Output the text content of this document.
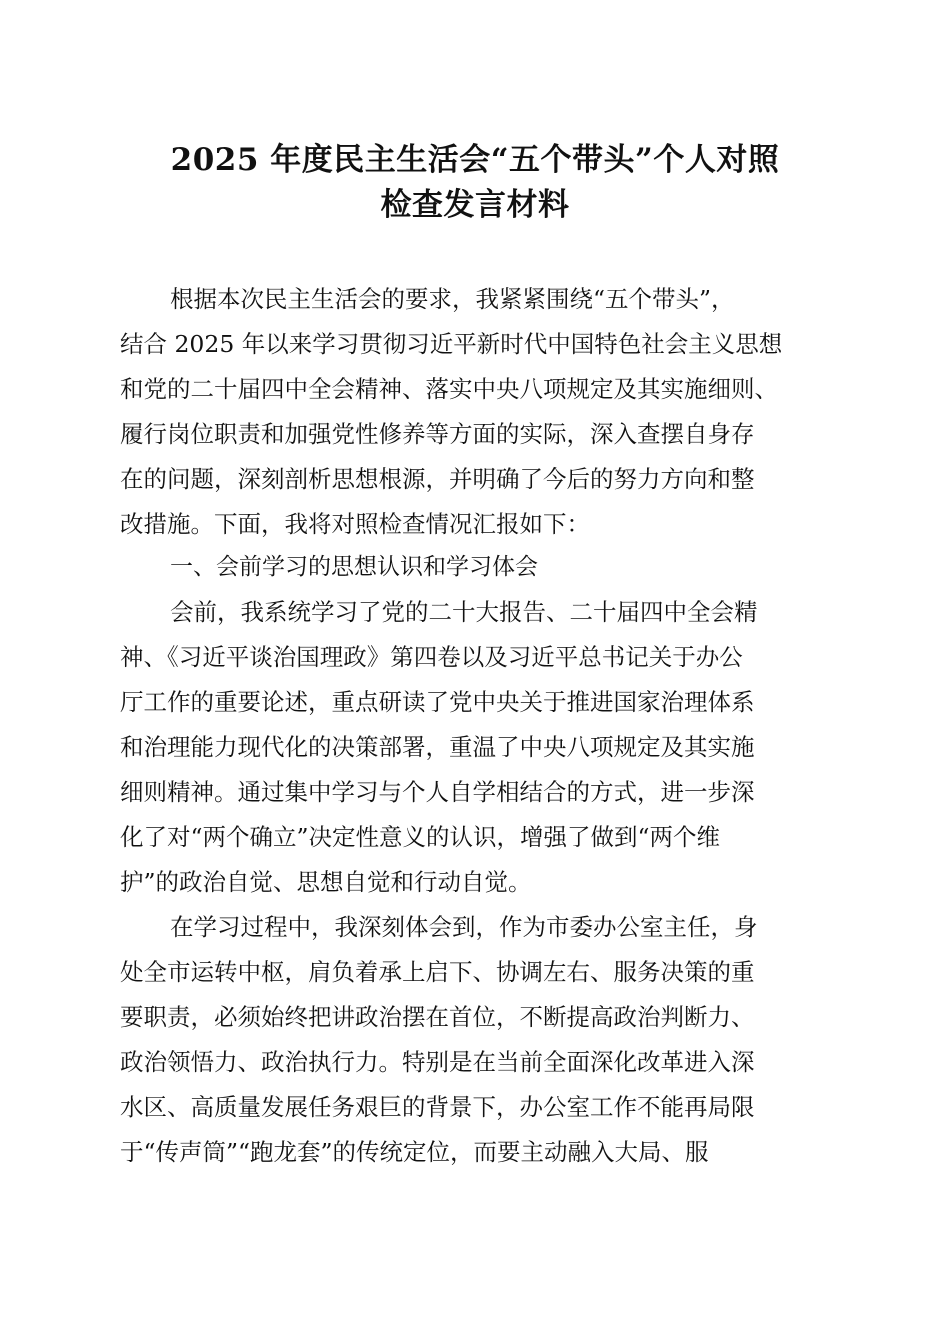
2025 年度民主生活会“五个带头”个人对照
检查发言材料
根据本次民主生活会的要求，我紧紧围绕“五个带头”，
结合 2025 年以来学习贯彻习近平新时代中国特色社会主义思想
和党的二十届四中全会精神、落实中央八项规定及其实施细则、
履行岗位职责和加强党性修养等方面的实际，深入查摆自身存
在的问题，深刻剖析思想根源，并明确了今后的努力方向和整
改措施。下面，我将对照检查情况汇报如下：
一、会前学习的思想认识和学习体会
会前，我系统学习了党的二十大报告、二十届四中全会精
神、《习近平谈治国理政》第四卷以及习近平总书记关于办公
厅工作的重要论述，重点研读了党中央关于推进国家治理体系
和治理能力现代化的决策部署，重温了中央八项规定及其实施
细则精神。通过集中学习与个人自学相结合的方式，进一步深
化了对“两个确立”决定性意义的认识，增强了做到“两个维
护”的政治自觉、思想自觉和行动自觉。
在学习过程中，我深刻体会到，作为市委办公室主任，身
处全市运转中枢，肩负着承上启下、协调左右、服务决策的重
要职责，必须始终把讲政治摆在首位，不断提高政治判断力、
政治领悟力、政治执行力。特别是在当前全面深化改革进入深
水区、高质量发展任务艰巨的背景下，办公室工作不能再局限
于“传声筒”“跑龙套”的传统定位，而要主动融入大局、服
